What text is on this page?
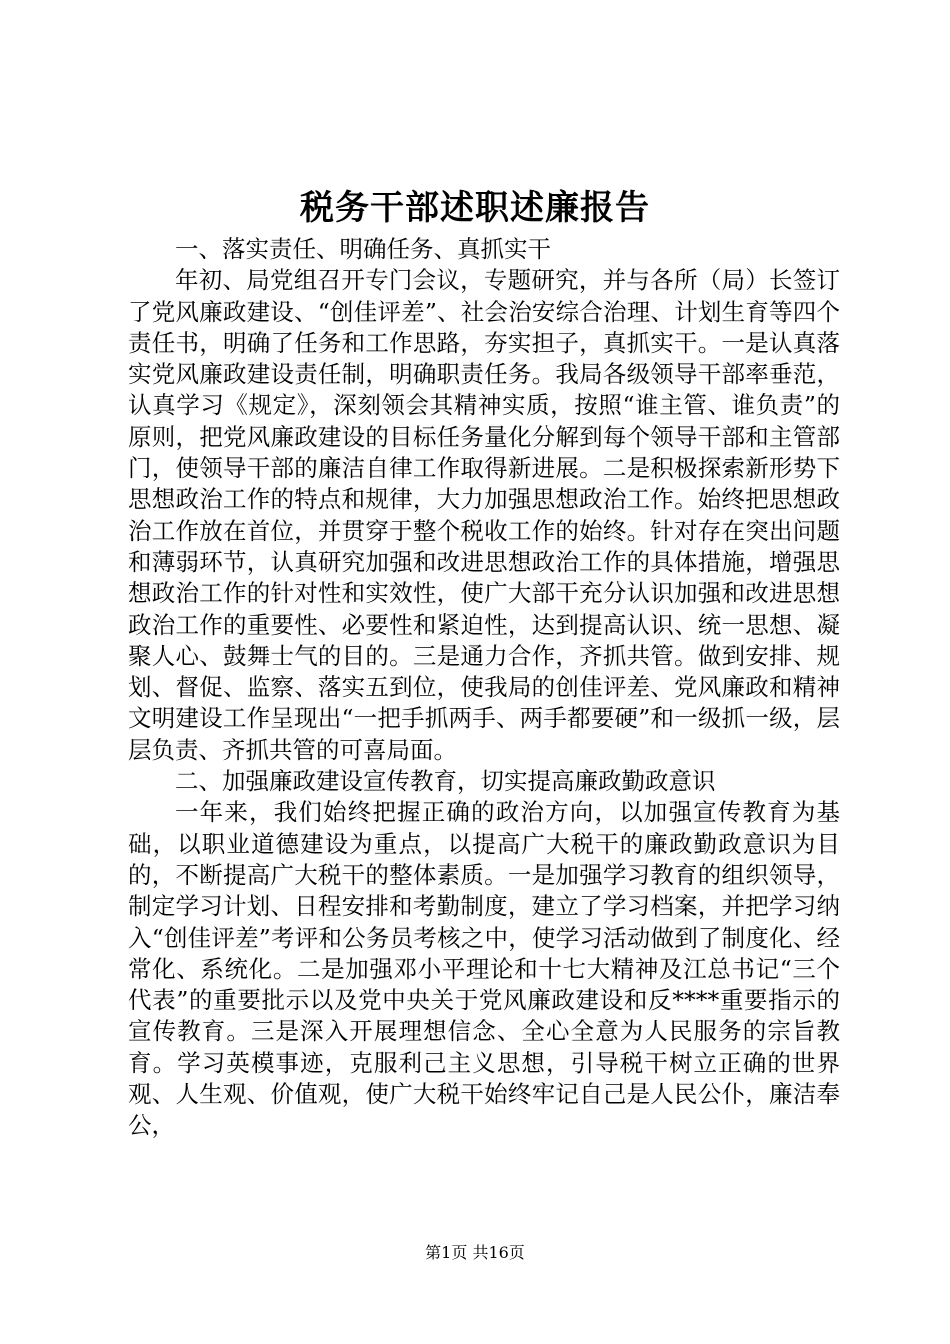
税务干部述职述廉报告

一、落实责任、明确任务、真抓实干

年初、局党组召开专门会议，专题研究，并与各所（局）长签订了党风廉政建设、“创佳评差”、社会治安综合治理、计划生育等四个责任书，明确了任务和工作思路，夯实担子，真抓实干。一是认真落实党风廉政建设责任制，明确职责任务。我局各级领导干部率垂范，认真学习《规定》，深刻领会其精神实质，按照“谁主管、谁负责”的原则，把党风廉政建设的目标任务量化分解到每个领导干部和主管部门，使领导干部的廉洁自律工作取得新进展。二是积极探索新形势下思想政治工作的特点和规律，大力加强思想政治工作。始终把思想政治工作放在首位，并贯穿于整个税收工作的始终。针对存在突出问题和薄弱环节，认真研究加强和改进思想政治工作的具体措施，增强思想政治工作的针对性和实效性，使广大部干充分认识加强和改进思想政治工作的重要性、必要性和紧迫性，达到提高认识、统一思想、凝聚人心、鼓舞士气的目的。三是通力合作，齐抓共管。做到安排、规划、督促、监察、落实五到位，使我局的创佳评差、党风廉政和精神文明建设工作呈现出“一把手抓两手、两手都要硬”和一级抓一级，层层负责、齐抓共管的可喜局面。

二、加强廉政建设宣传教育，切实提高廉政勤政意识

一年来，我们始终把握正确的政治方向，以加强宣传教育为基础，以职业道德建设为重点，以提高广大税干的廉政勤政意识为目的，不断提高广大税干的整体素质。一是加强学习教育的组织领导，制定学习计划、日程安排和考勤制度，建立了学习档案，并把学习纳入“创佳评差”考评和公务员考核之中，使学习活动做到了制度化、经常化、系统化。二是加强邓小平理论和十七大精神及江总书记“三个代表”的重要批示以及党中央关于党风廉政建设和反****重要指示的宣传教育。三是深入开展理想信念、全心全意为人民服务的宗旨教育。学习英模事迹，克服利己主义思想，引导税干树立正确的世界观、人生观、价值观，使广大税干始终牢记自己是人民公仆，廉洁奉公，

第1页 共16页
